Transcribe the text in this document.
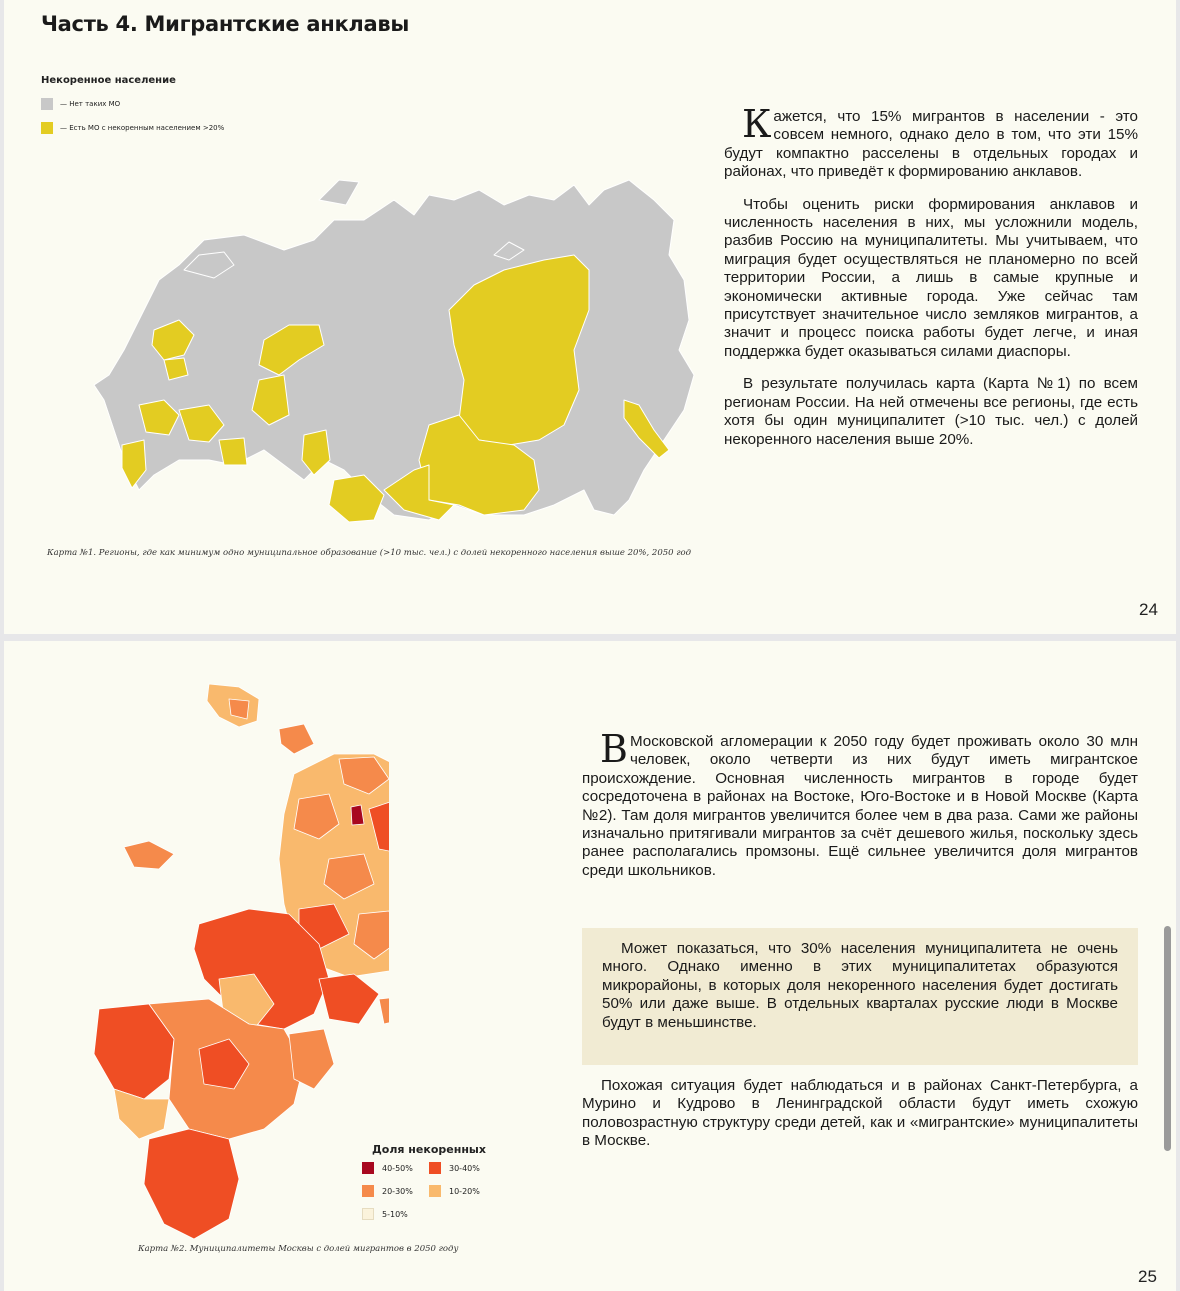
Часть 4. Мигрантские анклавы
Некоренное население
— Нет таких МО
— Есть МО с некоренным населением >20%
Карта №1. Регионы, где как минимум одно муниципальное образование (>10 тыс. чел.) с долей некоренного населения выше 20%, 2050 год

Кажется, что 15% мигрантов в населении - это совсем немного, однако дело в том, что эти 15% будут компактно расселены в отдельных городах и районах, что приведёт к формированию анклавов.

Чтобы оценить риски формирования анклавов и численность населения в них, мы усложнили модель, разбив Россию на муниципалитеты. Мы учитываем, что миграция будет осуществляться не планомерно по всей территории России, а лишь в самые крупные и экономически активные города. Уже сейчас там присутствует значительное число земляков мигрантов, а значит и процесс поиска работы будет легче, и иная поддержка будет оказываться силами диаспоры.

В результате получилась карта (Карта №1) по всем регионам России. На ней отмечены все регионы, где есть хотя бы один муниципалитет (>10 тыс. чел.) с долей некоренного населения выше 20%.

24
Доля некоренных
40-50%	30-40%
20-30%	10-20%
5-10%
Карта №2. Муниципалитеты Москвы с долей мигрантов в 2050 году

В Московской агломерации к 2050 году будет проживать около 30 млн человек, около четверти из них будут иметь мигрантское происхождение. Основная численность мигрантов в городе будет сосредоточена в районах на Востоке, Юго-Востоке и в Новой Москве (Карта №2). Там доля мигрантов увеличится более чем в два раза. Сами же районы изначально притягивали мигрантов за счёт дешевого жилья, поскольку здесь ранее располагались промзоны. Ещё сильнее увеличится доля мигрантов среди школьников.

Может показаться, что 30% населения муниципалитета не очень много. Однако именно в этих муниципалитетах образуются микрорайоны, в которых доля некоренного населения будет достигать 50% или даже выше. В отдельных кварталах русские люди в Москве будут в меньшинстве.

Похожая ситуация будет наблюдаться и в районах Санкт-Петербурга, а Мурино и Кудрово в Ленинградской области будут иметь схожую половозрастную структуру среди детей, как и «мигрантские» муниципалитеты в Москве.

25
